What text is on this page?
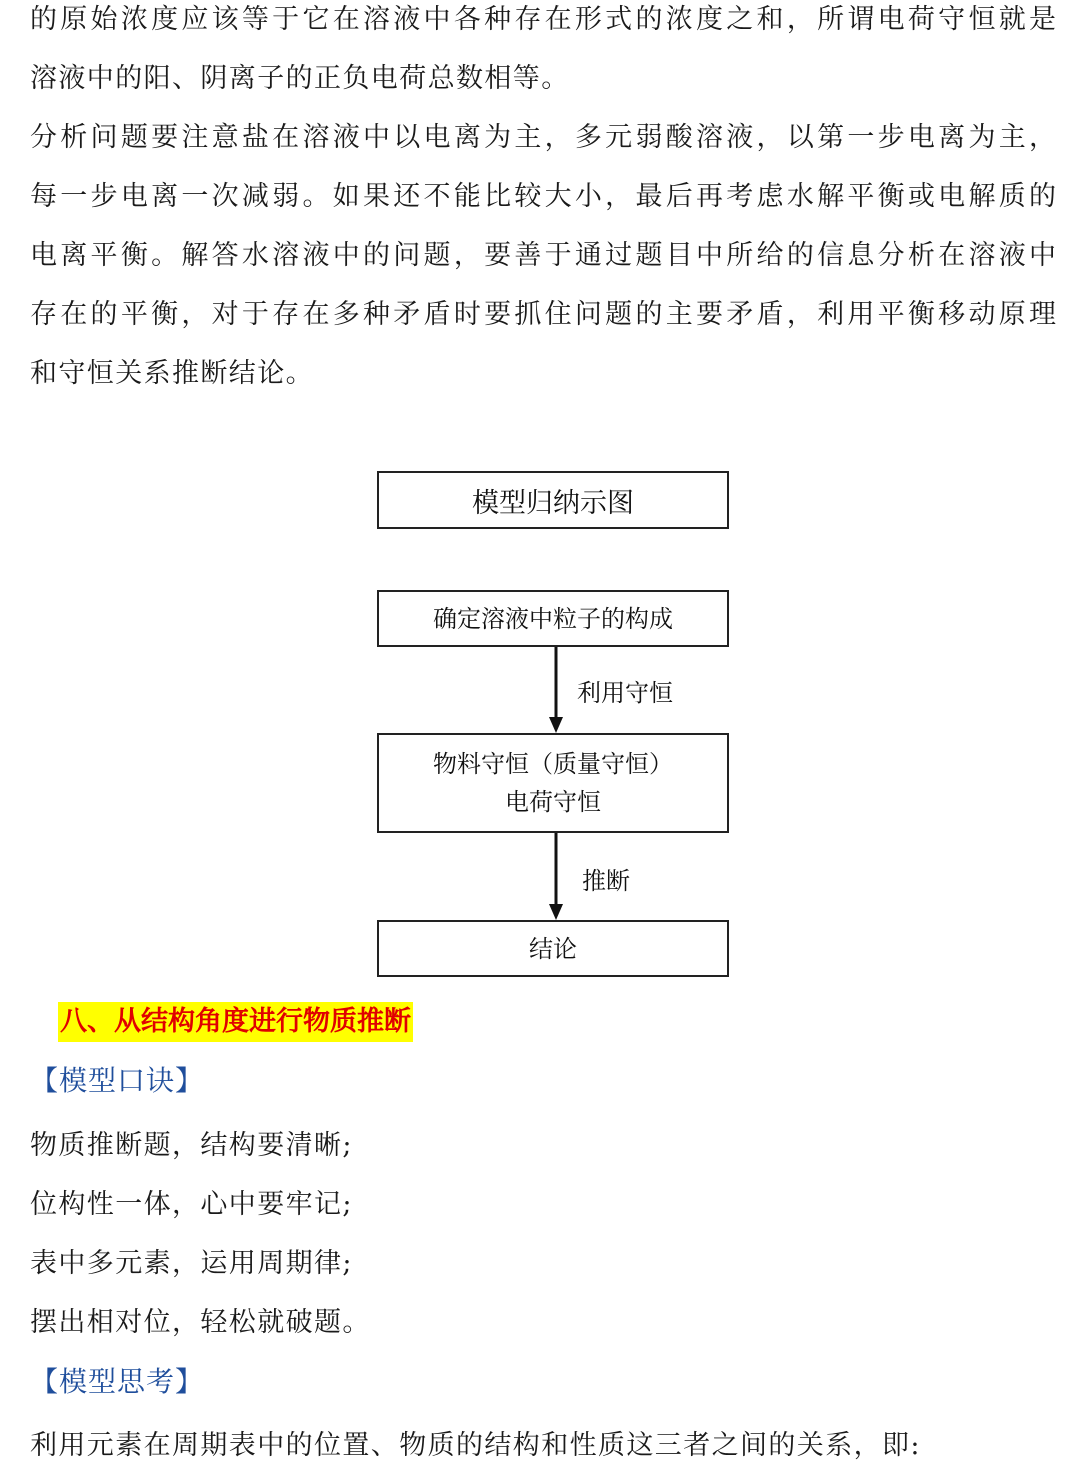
的原始浓度应该等于它在溶液中各种存在形式的浓度之和，所谓电荷守恒就是
溶液中的阳、阴离子的正负电荷总数相等。
分析问题要注意盐在溶液中以电离为主，多元弱酸溶液，以第一步电离为主，
每一步电离一次减弱。如果还不能比较大小，最后再考虑水解平衡或电解质的
电离平衡。解答水溶液中的问题，要善于通过题目中所给的信息分析在溶液中
存在的平衡，对于存在多种矛盾时要抓住问题的主要矛盾，利用平衡移动原理
和守恒关系推断结论。
模型归纳示图
确定溶液中粒子的构成
利用守恒
物料守恒（质量守恒）
电荷守恒
推断
结论
八、从结构角度进行物质推断
【模型口诀】
物质推断题，结构要清晰;
位构性一体，心中要牢记;
表中多元素，运用周期律;
摆出相对位，轻松就破题。
【模型思考】
利用元素在周期表中的位置、物质的结构和性质这三者之间的关系，即:
